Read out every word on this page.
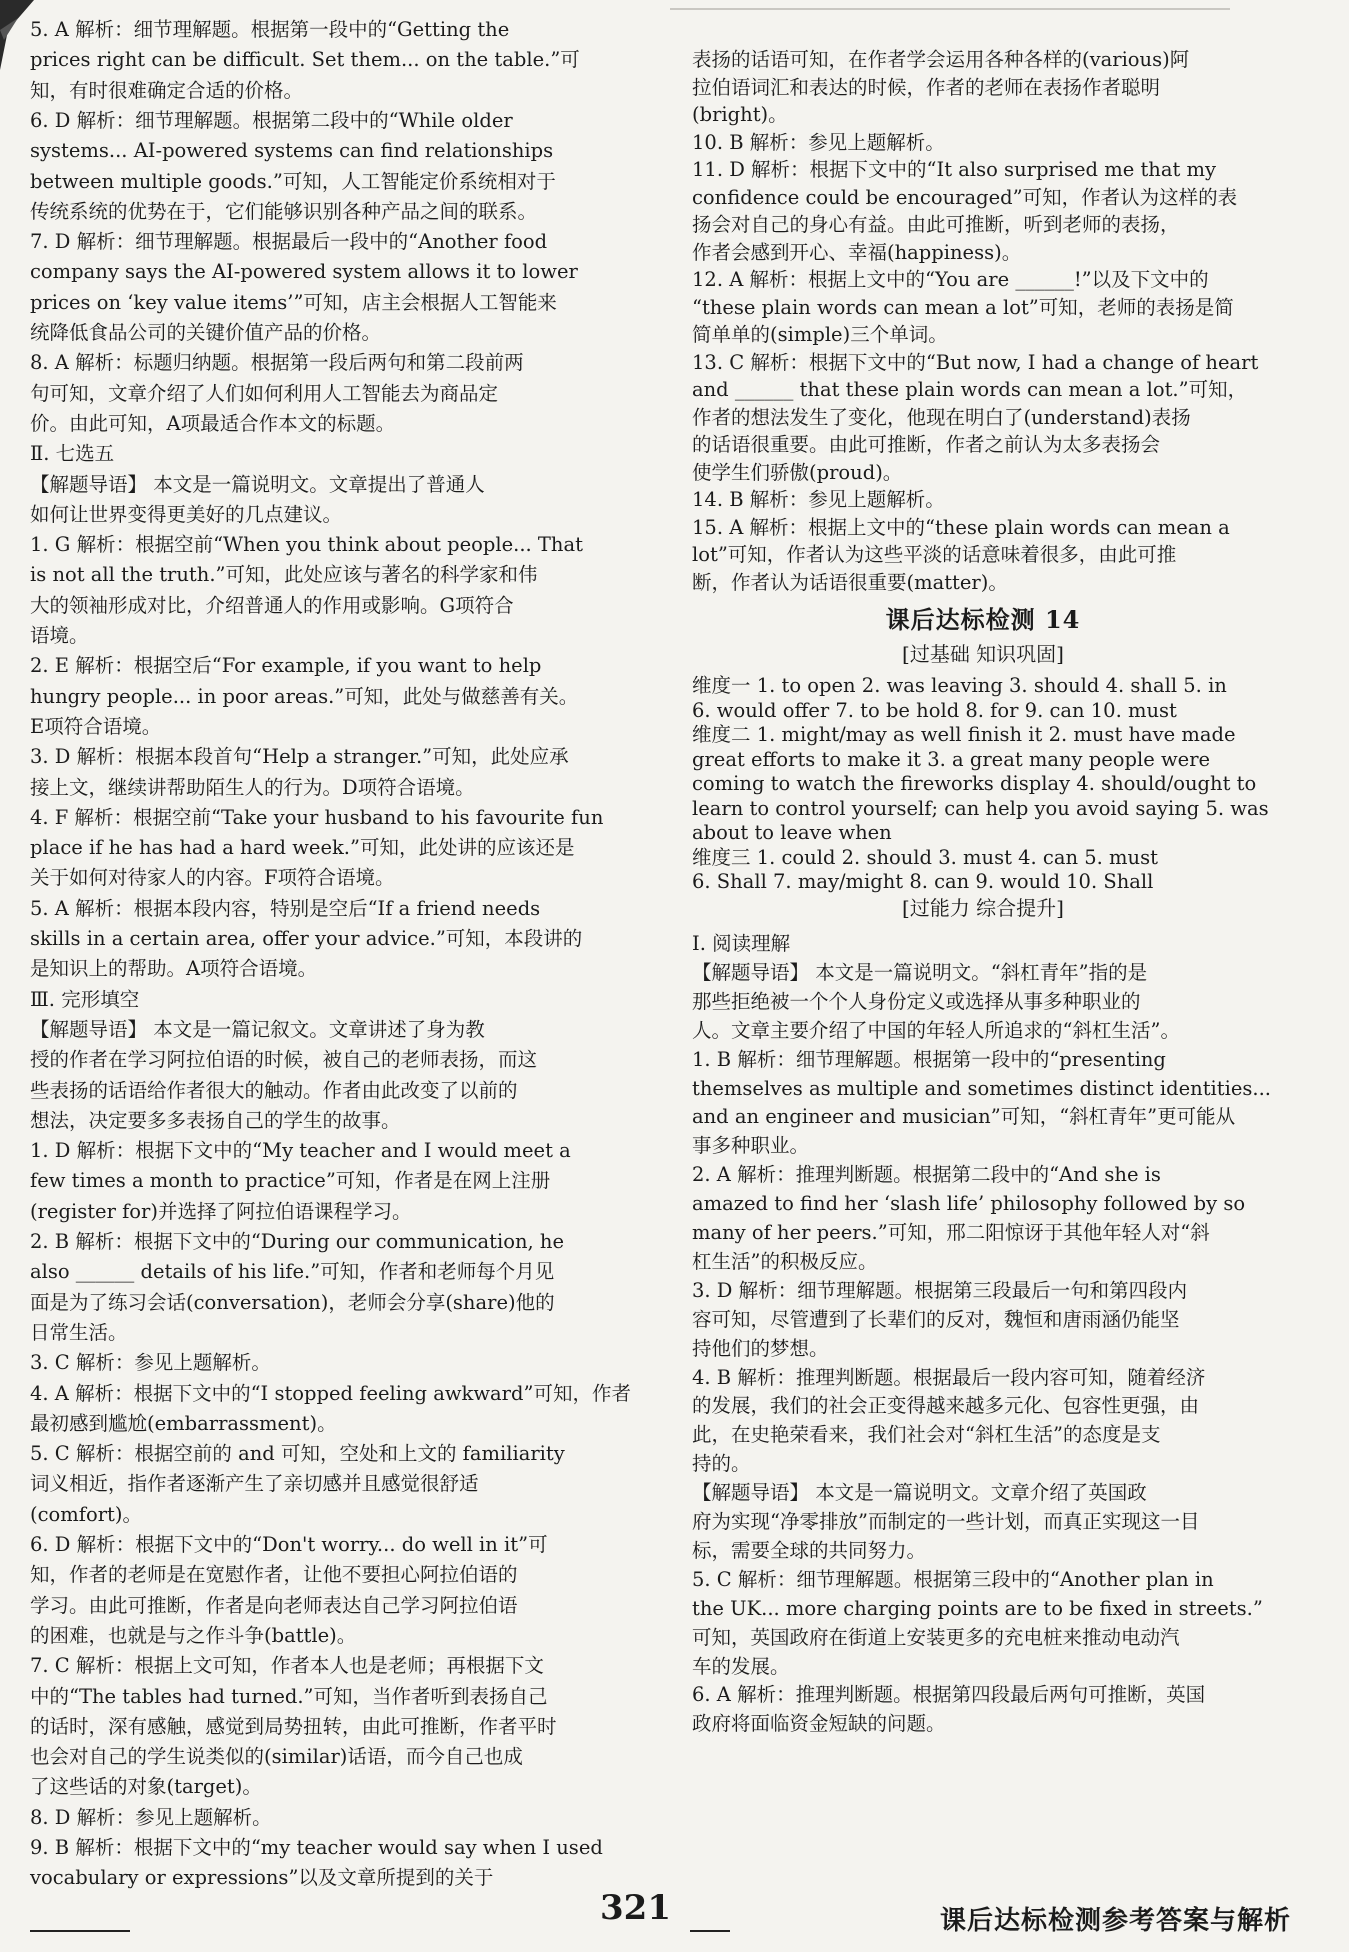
5. A 解析：细节理解题。根据第一段中的“Getting the
prices right can be difficult. Set them... on the table.”可
知，有时很难确定合适的价格。
6. D 解析：细节理解题。根据第二段中的“While older
systems... AI-powered systems can find relationships
between multiple goods.”可知，人工智能定价系统相对于
传统系统的优势在于，它们能够识别各种产品之间的联系。
7. D 解析：细节理解题。根据最后一段中的“Another food
company says the AI-powered system allows it to lower
prices on ‘key value items’”可知，店主会根据人工智能来
统降低食品公司的关键价值产品的价格。
8. A 解析：标题归纳题。根据第一段后两句和第二段前两
句可知，文章介绍了人们如何利用人工智能去为商品定
价。由此可知，A项最适合作本文的标题。
Ⅱ. 七选五
【解题导语】 本文是一篇说明文。文章提出了普通人
如何让世界变得更美好的几点建议。
1. G 解析：根据空前“When you think about people... That
is not all the truth.”可知，此处应该与著名的科学家和伟
大的领袖形成对比，介绍普通人的作用或影响。G项符合
语境。
2. E 解析：根据空后“For example, if you want to help
hungry people... in poor areas.”可知，此处与做慈善有关。
E项符合语境。
3. D 解析：根据本段首句“Help a stranger.”可知，此处应承
接上文，继续讲帮助陌生人的行为。D项符合语境。
4. F 解析：根据空前“Take your husband to his favourite fun
place if he has had a hard week.”可知，此处讲的应该还是
关于如何对待家人的内容。F项符合语境。
5. A 解析：根据本段内容，特别是空后“If a friend needs
skills in a certain area, offer your advice.”可知，本段讲的
是知识上的帮助。A项符合语境。
Ⅲ. 完形填空
【解题导语】 本文是一篇记叙文。文章讲述了身为教
授的作者在学习阿拉伯语的时候，被自己的老师表扬，而这
些表扬的话语给作者很大的触动。作者由此改变了以前的
想法，决定要多多表扬自己的学生的故事。
1. D 解析：根据下文中的“My teacher and I would meet a
few times a month to practice”可知，作者是在网上注册
(register for)并选择了阿拉伯语课程学习。
2. B 解析：根据下文中的“During our communication, he
also ______ details of his life.”可知，作者和老师每个月见
面是为了练习会话(conversation)，老师会分享(share)他的
日常生活。
3. C 解析：参见上题解析。
4. A 解析：根据下文中的“I stopped feeling awkward”可知，作者
最初感到尴尬(embarrassment)。
5. C 解析：根据空前的 and 可知，空处和上文的 familiarity
词义相近，指作者逐渐产生了亲切感并且感觉很舒适
(comfort)。
6. D 解析：根据下文中的“Don't worry... do well in it”可
知，作者的老师是在宽慰作者，让他不要担心阿拉伯语的
学习。由此可推断，作者是向老师表达自己学习阿拉伯语
的困难，也就是与之作斗争(battle)。
7. C 解析：根据上文可知，作者本人也是老师；再根据下文
中的“The tables had turned.”可知，当作者听到表扬自己
的话时，深有感触，感觉到局势扭转，由此可推断，作者平时
也会对自己的学生说类似的(similar)话语，而今自己也成
了这些话的对象(target)。
8. D 解析：参见上题解析。
9. B 解析：根据下文中的“my teacher would say when I used
vocabulary or expressions”以及文章所提到的关于
表扬的话语可知，在作者学会运用各种各样的(various)阿
拉伯语词汇和表达的时候，作者的老师在表扬作者聪明
(bright)。
10. B 解析：参见上题解析。
11. D 解析：根据下文中的“It also surprised me that my
confidence could be encouraged”可知，作者认为这样的表
扬会对自己的身心有益。由此可推断，听到老师的表扬，
作者会感到开心、幸福(happiness)。
12. A 解析：根据上文中的“You are ______!”以及下文中的
“these plain words can mean a lot”可知，老师的表扬是简
简单单的(simple)三个单词。
13. C 解析：根据下文中的“But now, I had a change of heart
and ______ that these plain words can mean a lot.”可知，
作者的想法发生了变化，他现在明白了(understand)表扬
的话语很重要。由此可推断，作者之前认为太多表扬会
使学生们骄傲(proud)。
14. B 解析：参见上题解析。
15. A 解析：根据上文中的“these plain words can mean a
lot”可知，作者认为这些平淡的话意味着很多，由此可推
断，作者认为话语很重要(matter)。
课后达标检测 14
[过基础 知识巩固]
维度一 1. to open 2. was leaving 3. should 4. shall 5. in
6. would offer 7. to be hold 8. for 9. can 10. must
维度二 1. might/may as well finish it 2. must have made
great efforts to make it 3. a great many people were
coming to watch the fireworks display 4. should/ought to
learn to control yourself; can help you avoid saying 5. was
about to leave when
维度三 1. could 2. should 3. must 4. can 5. must
6. Shall 7. may/might 8. can 9. would 10. Shall
[过能力 综合提升]
Ⅰ. 阅读理解
【解题导语】 本文是一篇说明文。“斜杠青年”指的是
那些拒绝被一个个人身份定义或选择从事多种职业的
人。文章主要介绍了中国的年轻人所追求的“斜杠生活”。
1. B 解析：细节理解题。根据第一段中的“presenting
themselves as multiple and sometimes distinct identities...
and an engineer and musician”可知，“斜杠青年”更可能从
事多种职业。
2. A 解析：推理判断题。根据第二段中的“And she is
amazed to find her ‘slash life’ philosophy followed by so
many of her peers.”可知，邢二阳惊讶于其他年轻人对“斜
杠生活”的积极反应。
3. D 解析：细节理解题。根据第三段最后一句和第四段内
容可知，尽管遭到了长辈们的反对，魏恒和唐雨涵仍能坚
持他们的梦想。
4. B 解析：推理判断题。根据最后一段内容可知，随着经济
的发展，我们的社会正变得越来越多元化、包容性更强，由
此，在史艳荣看来，我们社会对“斜杠生活”的态度是支
持的。
【解题导语】 本文是一篇说明文。文章介绍了英国政
府为实现“净零排放”而制定的一些计划，而真正实现这一目
标，需要全球的共同努力。
5. C 解析：细节理解题。根据第三段中的“Another plan in
the UK... more charging points are to be fixed in streets.”
可知，英国政府在街道上安装更多的充电桩来推动电动汽
车的发展。
6. A 解析：推理判断题。根据第四段最后两句可推断，英国
政府将面临资金短缺的问题。
321	课后达标检测参考答案与解析
